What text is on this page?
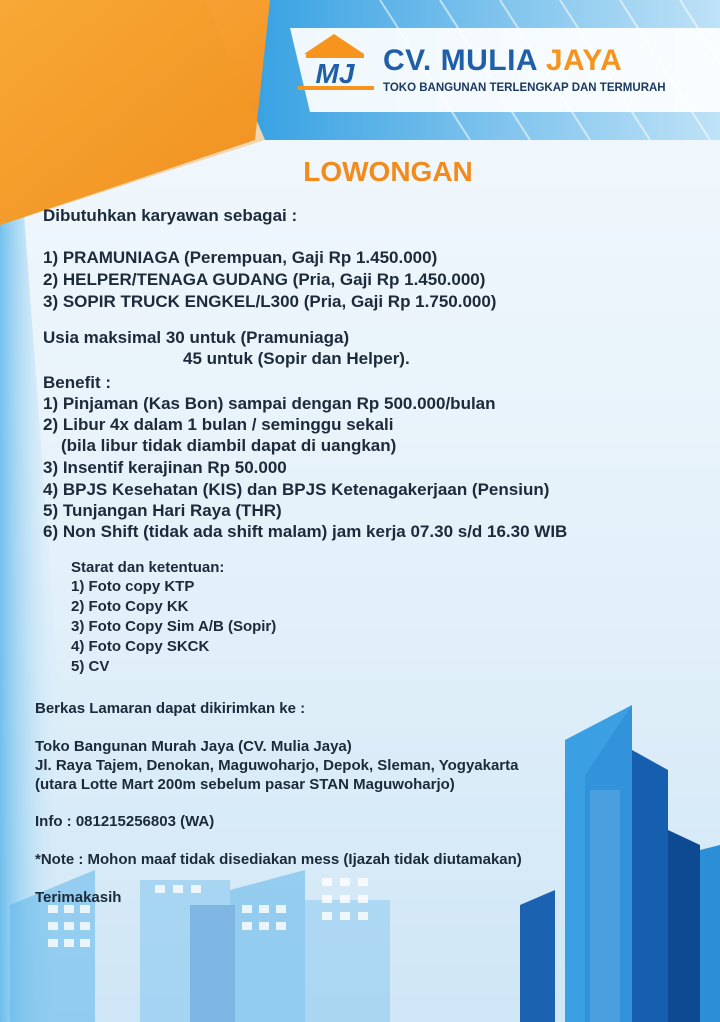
MJ CV. MULIA JAYA
TOKO BANGUNAN TERLENGKAP DAN TERMURAH
LOWONGAN
Dibutuhkan karyawan sebagai :
1) PRAMUNIAGA (Perempuan, Gaji Rp 1.450.000)
2) HELPER/TENAGA GUDANG (Pria, Gaji Rp 1.450.000)
3) SOPIR TRUCK ENGKEL/L300 (Pria, Gaji Rp 1.750.000)
Usia maksimal 30 untuk (Pramuniaga)
45 untuk (Sopir dan Helper).
Benefit :
1) Pinjaman (Kas Bon) sampai dengan Rp 500.000/bulan
2) Libur 4x dalam 1 bulan / seminggu sekali
(bila libur tidak diambil dapat di uangkan)
3) Insentif kerajinan Rp 50.000
4) BPJS Kesehatan (KIS) dan BPJS Ketenagakerjaan (Pensiun)
5) Tunjangan Hari Raya (THR)
6) Non Shift (tidak ada shift malam) jam kerja 07.30 s/d 16.30 WIB
Starat dan ketentuan:
1) Foto copy KTP
2) Foto Copy KK
3) Foto Copy Sim A/B (Sopir)
4) Foto Copy SKCK
5) CV
Berkas Lamaran dapat dikirimkan ke :
Toko Bangunan Murah Jaya (CV. Mulia Jaya)
Jl. Raya Tajem, Denokan, Maguwoharjo, Depok, Sleman, Yogyakarta
(utara Lotte Mart 200m sebelum pasar STAN Maguwoharjo)
Info : 081215256803 (WA)
*Note : Mohon maaf tidak disediakan mess (Ijazah tidak diutamakan)
Terimakasih
